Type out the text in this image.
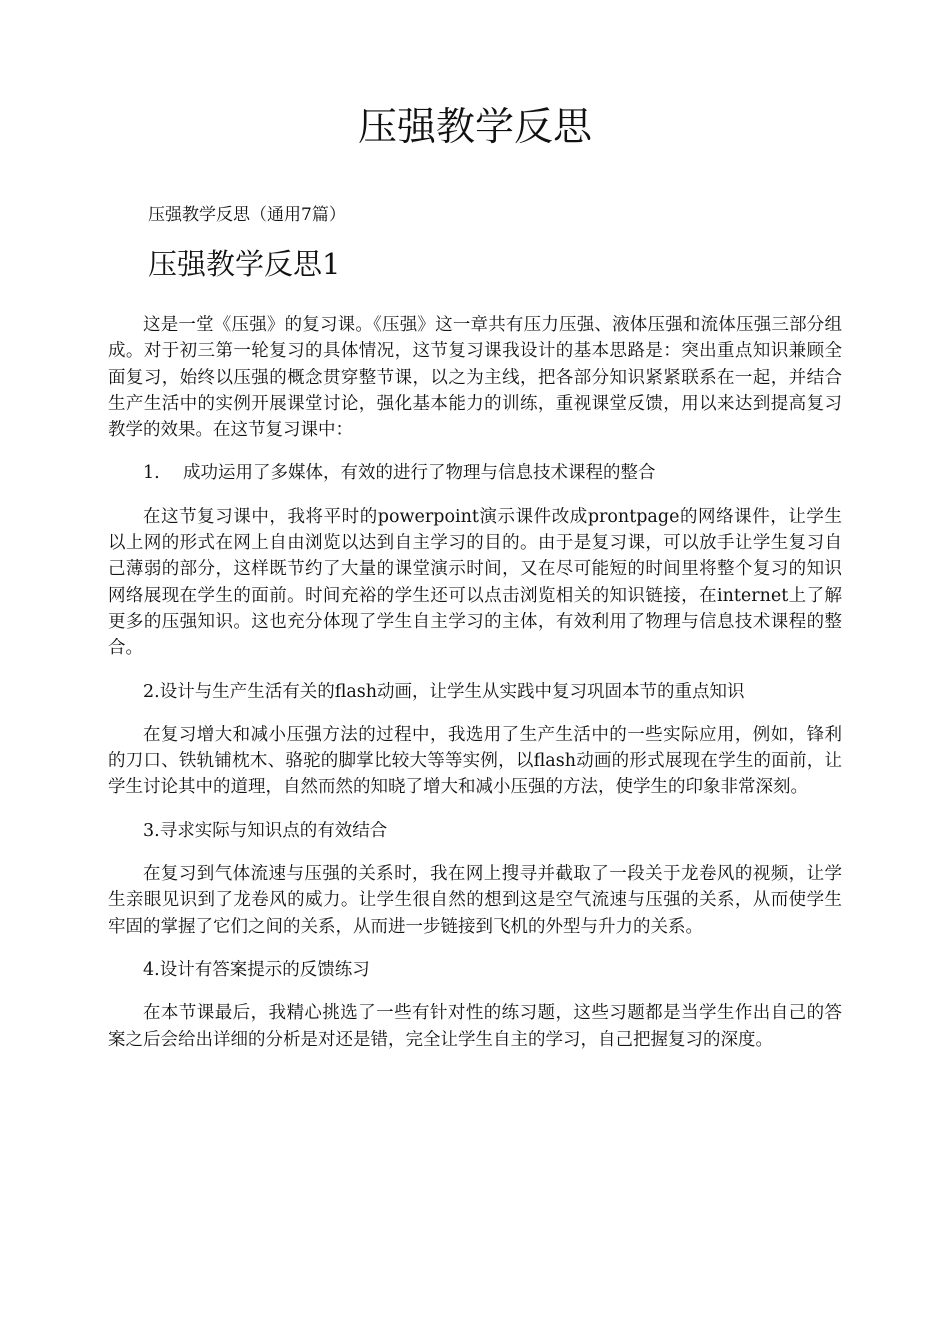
压强教学反思

压强教学反思（通用7篇）

压强教学反思1

这是一堂《压强》的复习课。《压强》这一章共有压力压强、液体压强和流体压强三部分组成。对于初三第一轮复习的具体情况，这节复习课我设计的基本思路是：突出重点知识兼顾全面复习，始终以压强的概念贯穿整节课，以之为主线，把各部分知识紧紧联系在一起，并结合生产生活中的实例开展课堂讨论，强化基本能力的训练，重视课堂反馈，用以来达到提高复习教学的效果。在这节复习课中：

1. 成功运用了多媒体，有效的进行了物理与信息技术课程的整合

在这节复习课中，我将平时的powerpoint演示课件改成prontpage的网络课件，让学生以上网的形式在网上自由浏览以达到自主学习的目的。由于是复习课，可以放手让学生复习自己薄弱的部分，这样既节约了大量的课堂演示时间，又在尽可能短的时间里将整个复习的知识网络展现在学生的面前。时间充裕的学生还可以点击浏览相关的知识链接，在internet上了解更多的压强知识。这也充分体现了学生自主学习的主体，有效利用了物理与信息技术课程的整合。

2.设计与生产生活有关的flash动画，让学生从实践中复习巩固本节的重点知识

在复习增大和减小压强方法的过程中，我选用了生产生活中的一些实际应用，例如，锋利的刀口、铁轨铺枕木、骆驼的脚掌比较大等等实例，以flash动画的形式展现在学生的面前，让学生讨论其中的道理，自然而然的知晓了增大和减小压强的方法，使学生的印象非常深刻。

3.寻求实际与知识点的有效结合

在复习到气体流速与压强的关系时，我在网上搜寻并截取了一段关于龙卷风的视频，让学生亲眼见识到了龙卷风的威力。让学生很自然的想到这是空气流速与压强的关系，从而使学生牢固的掌握了它们之间的关系，从而进一步链接到飞机的外型与升力的关系。

4.设计有答案提示的反馈练习

在本节课最后，我精心挑选了一些有针对性的练习题，这些习题都是当学生作出自己的答案之后会给出详细的分析是对还是错，完全让学生自主的学习，自己把握复习的深度。
